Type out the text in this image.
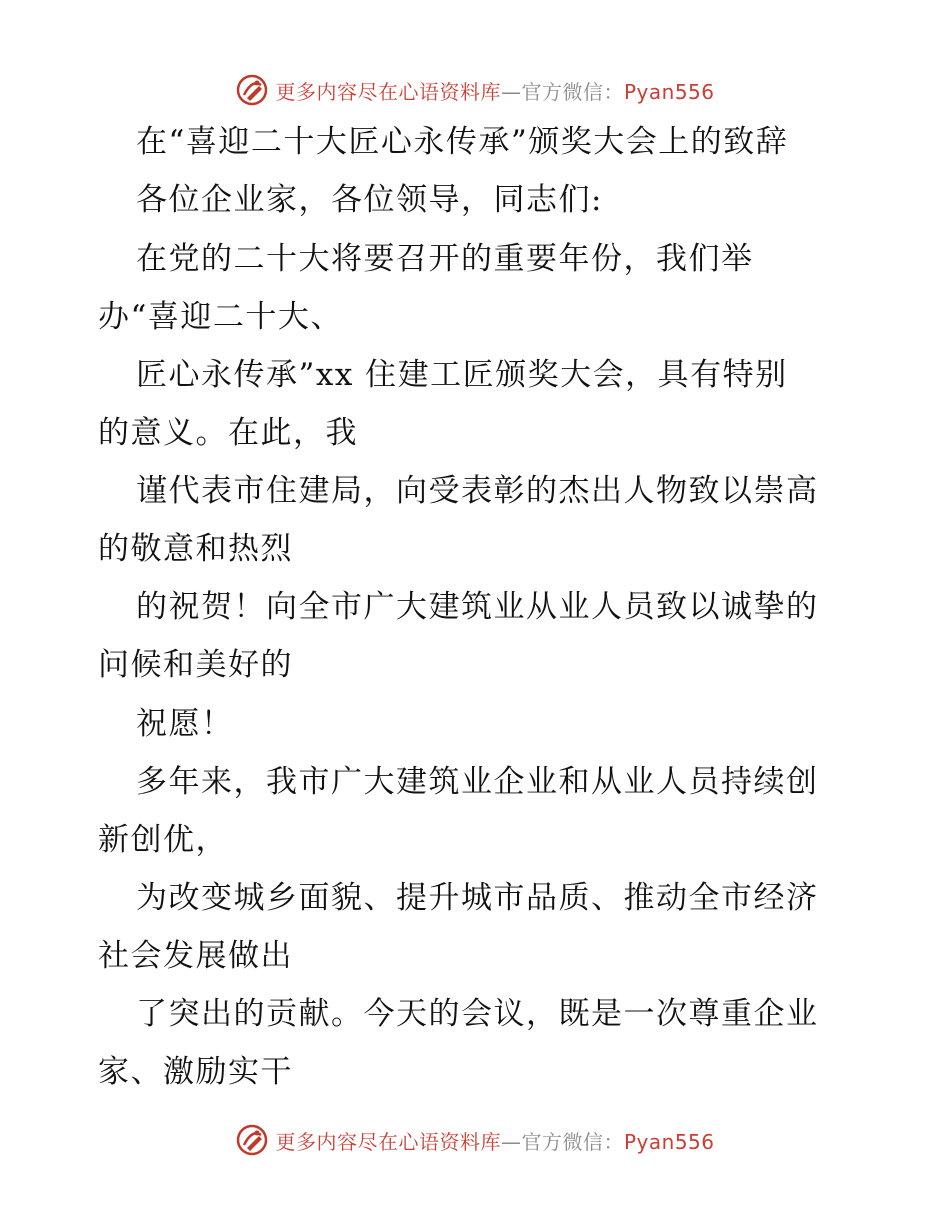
更多内容尽在心语资料库—官方微信：Pyan556
在“喜迎二十大匠心永传承”颁奖大会上的致辞
各位企业家，各位领导，同志们:
在党的二十大将要召开的重要年份，我们举
办“喜迎二十大、
匠心永传承”xx 住建工匠颁奖大会，具有特别
的意义。在此，我
谨代表市住建局，向受表彰的杰出人物致以崇高
的敬意和热烈
的祝贺！向全市广大建筑业从业人员致以诚挚的
问候和美好的
祝愿！
多年来，我市广大建筑业企业和从业人员持续创
新创优，
为改变城乡面貌、提升城市品质、推动全市经济
社会发展做出
了突出的贡献。今天的会议，既是一次尊重企业
家、激励实干
更多内容尽在心语资料库—官方微信：Pyan556
